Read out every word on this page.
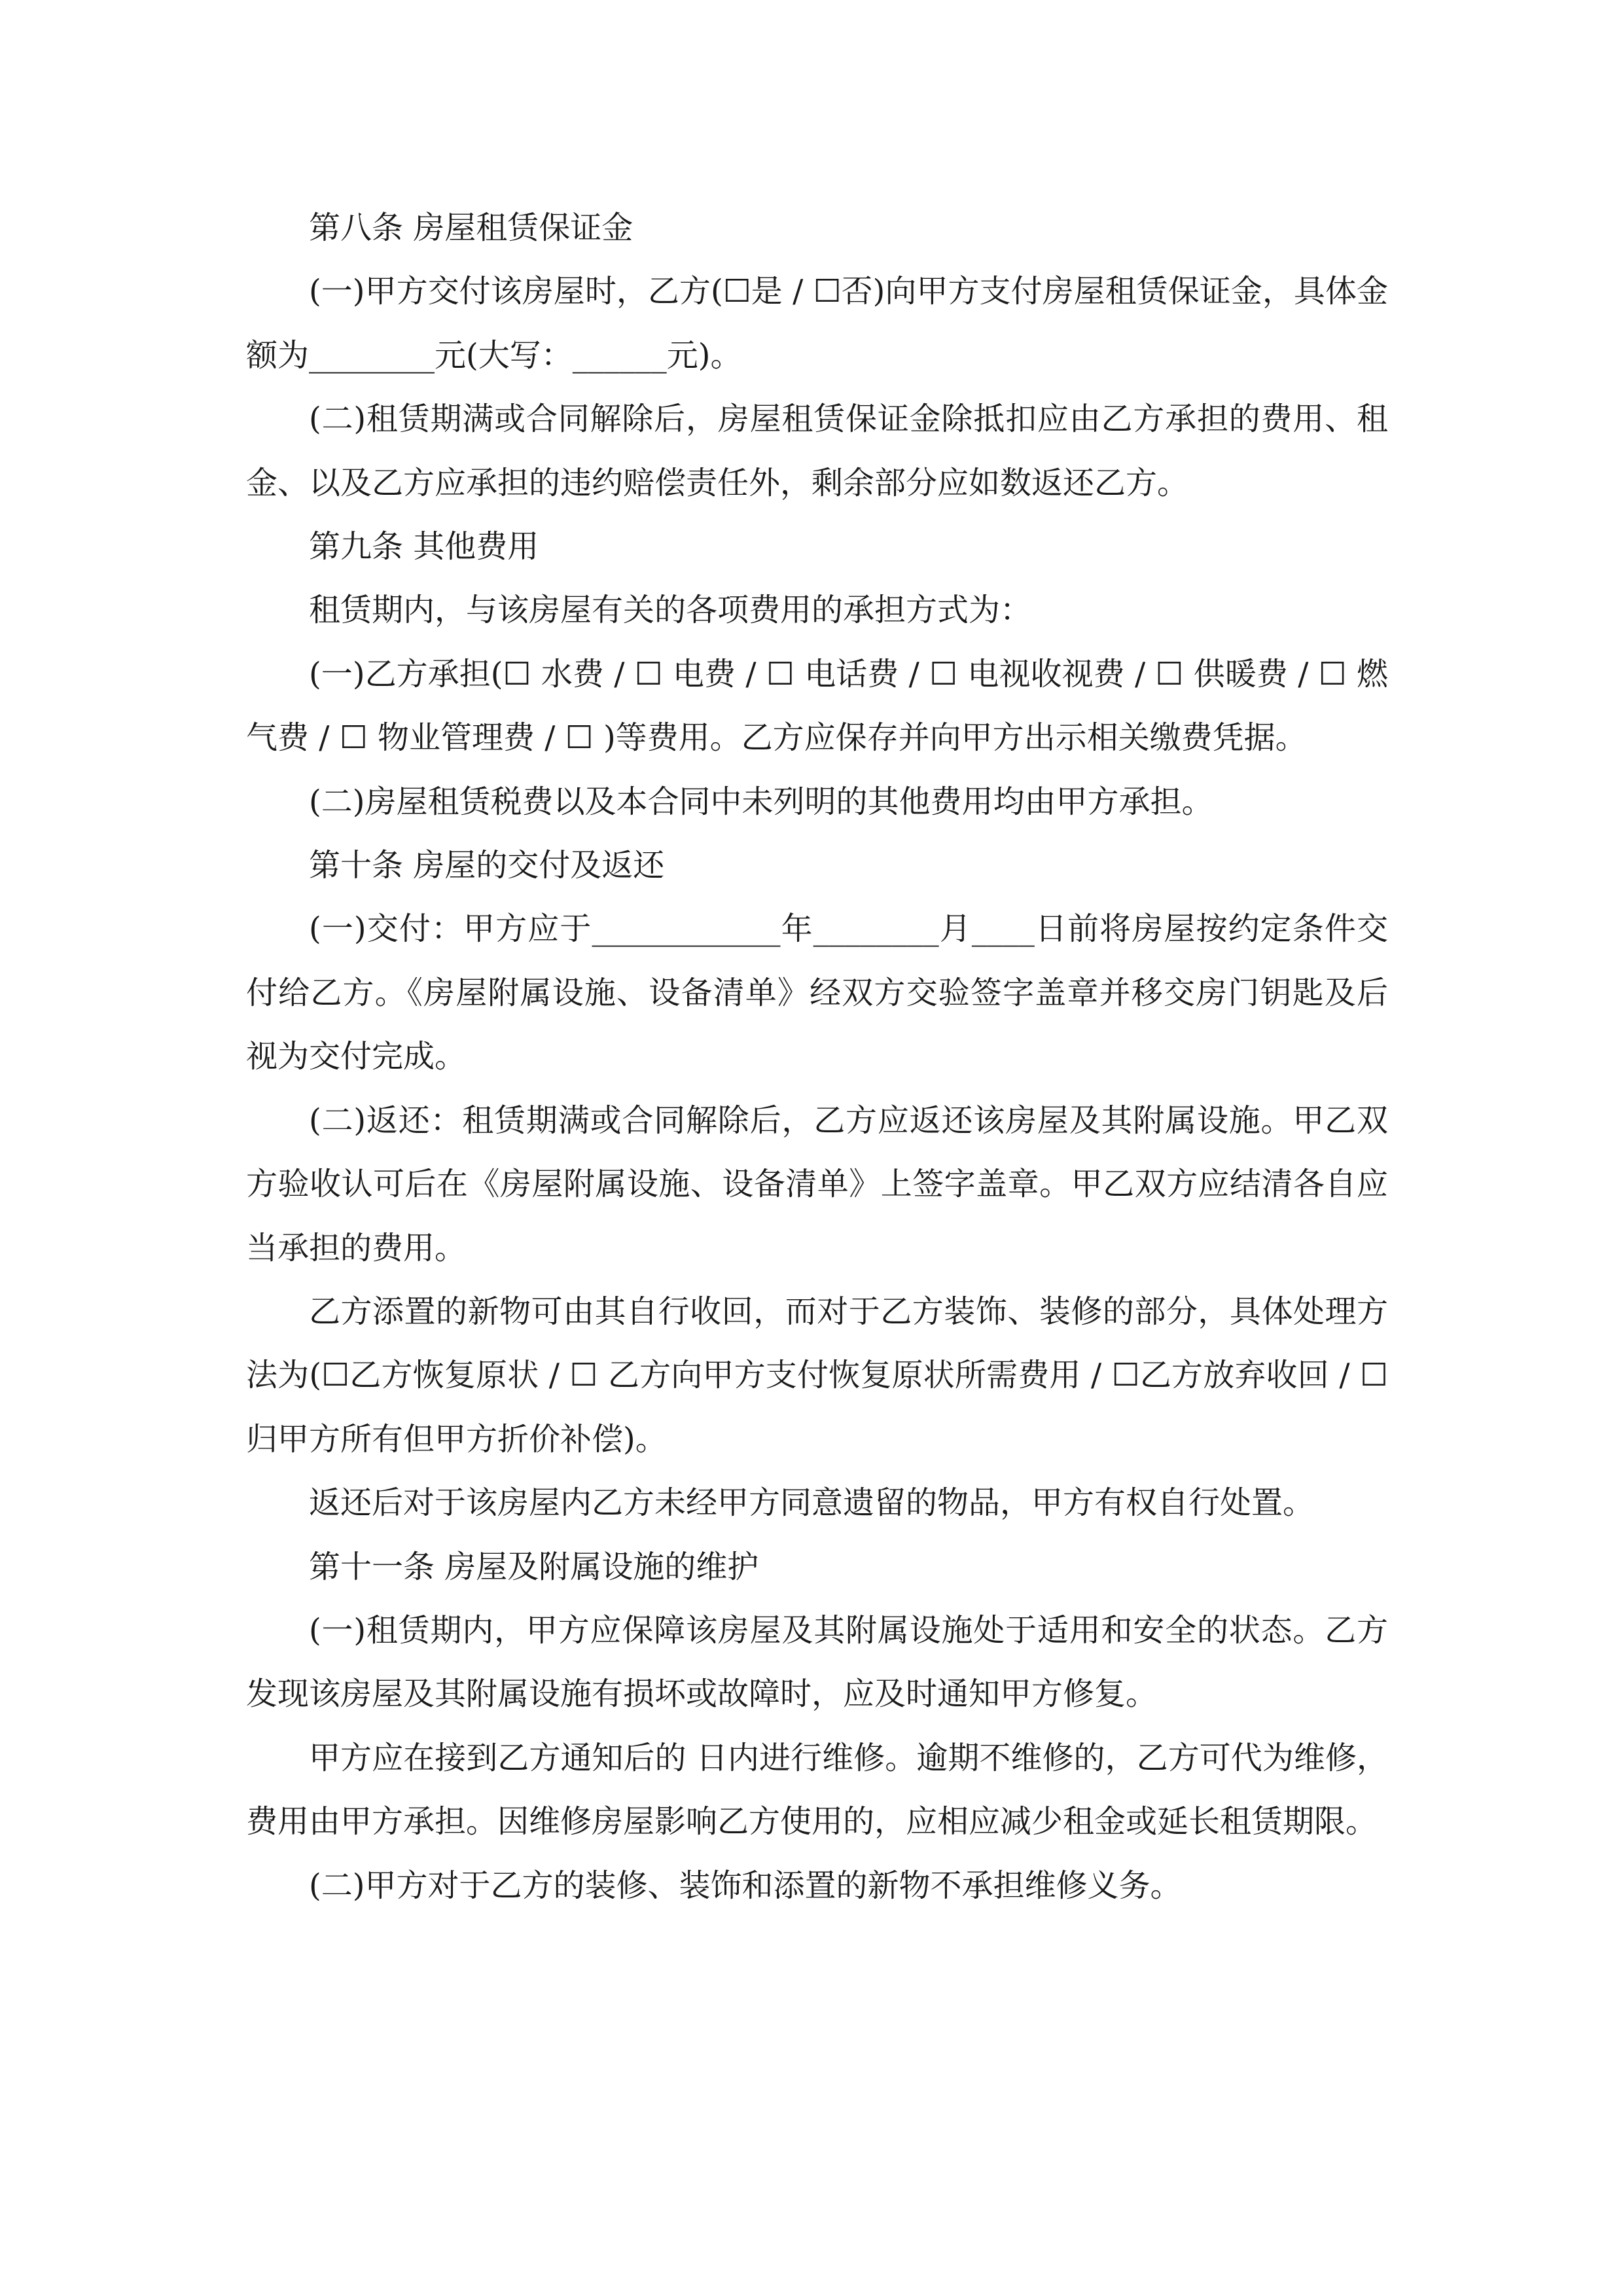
第八条 房屋租赁保证金

(一)甲方交付该房屋时，乙方(☐是 / ☐否)向甲方支付房屋租赁保证金，具体金额为________元(大写：______元)。

(二)租赁期满或合同解除后，房屋租赁保证金除抵扣应由乙方承担的费用、租金、以及乙方应承担的违约赔偿责任外，剩余部分应如数返还乙方。

第九条 其他费用

租赁期内，与该房屋有关的各项费用的承担方式为：

(一)乙方承担(☐ 水费 / ☐ 电费 / ☐ 电话费 / ☐ 电视收视费 / ☐ 供暖费 / ☐ 燃气费 / ☐ 物业管理费 / ☐ )等费用。乙方应保存并向甲方出示相关缴费凭据。

(二)房屋租赁税费以及本合同中未列明的其他费用均由甲方承担。

第十条 房屋的交付及返还

(一)交付：甲方应于____________年________月____日前将房屋按约定条件交付给乙方。《房屋附属设施、设备清单》经双方交验签字盖章并移交房门钥匙及后视为交付完成。

(二)返还：租赁期满或合同解除后，乙方应返还该房屋及其附属设施。甲乙双方验收认可后在《房屋附属设施、设备清单》上签字盖章。甲乙双方应结清各自应当承担的费用。

乙方添置的新物可由其自行收回，而对于乙方装饰、装修的部分，具体处理方法为(☐乙方恢复原状 / ☐ 乙方向甲方支付恢复原状所需费用 / ☐乙方放弃收回 / ☐归甲方所有但甲方折价补偿)。

返还后对于该房屋内乙方未经甲方同意遗留的物品，甲方有权自行处置。

第十一条 房屋及附属设施的维护

(一)租赁期内，甲方应保障该房屋及其附属设施处于适用和安全的状态。乙方发现该房屋及其附属设施有损坏或故障时，应及时通知甲方修复。

甲方应在接到乙方通知后的 日内进行维修。逾期不维修的，乙方可代为维修，费用由甲方承担。因维修房屋影响乙方使用的，应相应减少租金或延长租赁期限。

(二)甲方对于乙方的装修、装饰和添置的新物不承担维修义务。
